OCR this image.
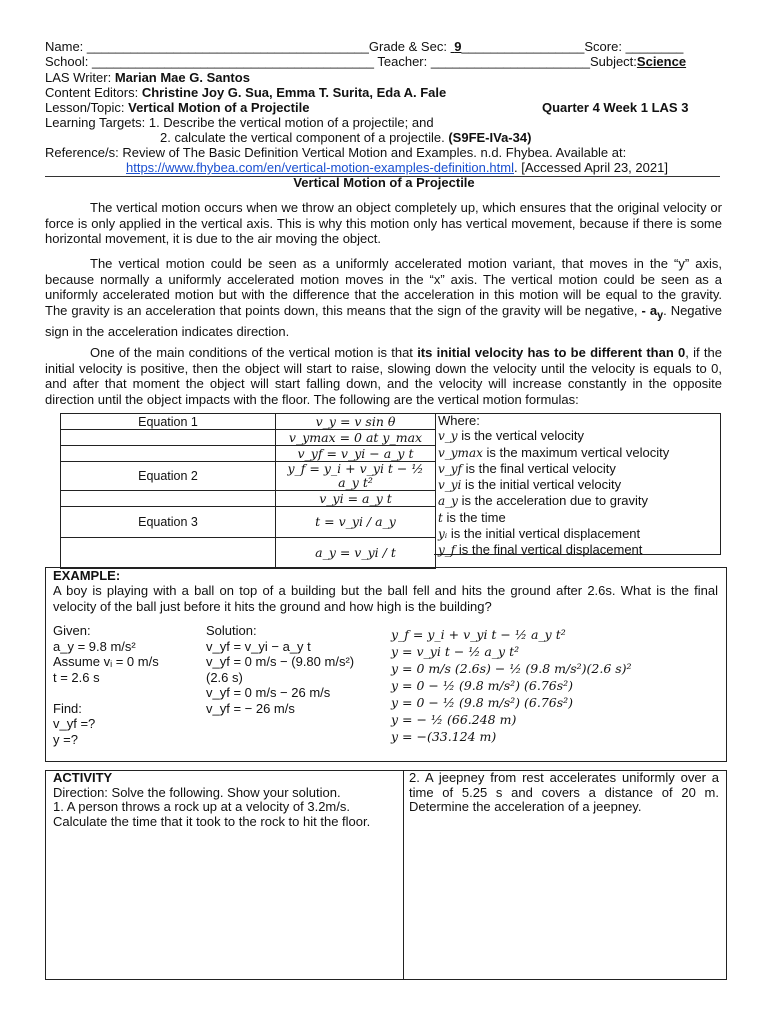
Name: _______________________________________Grade & Sec: 9_________________Score: ________
School: _______________________________________ Teacher: ______________________Subject:Science
LAS Writer: Marian Mae G. Santos
Content Editors: Christine Joy G. Sua, Emma T. Surita, Eda A. Fale
Lesson/Topic: Vertical Motion of a Projectile	Quarter 4 Week 1 LAS 3
Learning Targets: 1. Describe the vertical motion of a projectile; and
2. calculate the vertical component of a projectile. (S9FE-IVa-34)
Reference/s: Review of The Basic Definition Vertical Motion and Examples. n.d. Fhybea. Available at:
https://www.fhybea.com/en/vertical-motion-examples-definition.html. [Accessed April 23, 2021]
Vertical Motion of a Projectile
The vertical motion occurs when we throw an object completely up, which ensures that the original velocity or force is only applied in the vertical axis. This is why this motion only has vertical movement, because if there is some horizontal movement, it is due to the air moving the object.
The vertical motion could be seen as a uniformly accelerated motion variant, that moves in the “y” axis, because normally a uniformly accelerated motion moves in the “x” axis. The vertical motion could be seen as a uniformly accelerated motion but with the difference that the acceleration in this motion will be equal to the gravity. The gravity is an acceleration that points down, this means that the sign of the gravity will be negative, - $a_y$. Negative sign in the acceleration indicates direction.
One of the main conditions of the vertical motion is that its initial velocity has to be different than 0, if the initial velocity is positive, then the object will start to raise, slowing down the velocity until the velocity is equals to 0, and after that moment the object will start falling down, and the velocity will increase constantly in the opposite direction until the object impacts with the floor. The following are the vertical motion formulas:
Equation 1	v_y = v sin θ
	v_ymax = 0 at y_max
	v_yf = v_yi − a_y t
Equation 2	y_f = y_i + v_yi t − ½ a_y t²
	v_yi = a_y t
Equation 3	t = v_yi / a_y
	a_y = v_yi / t
Where:
v_y is the vertical velocity
v_ymax is the maximum vertical velocity
v_yf is the final vertical velocity
v_yi is the initial vertical velocity
a_y is the acceleration due to gravity
t is the time
yᵢ is the initial vertical displacement
y_f is the final vertical displacement
EXAMPLE:
A boy is playing with a ball on top of a building but the ball fell and hits the ground after 2.6s. What is the final velocity of the ball just before it hits the ground and how high is the building?
Given:
a_y = 9.8 m/s²
Assume vᵢ = 0 m/s
t = 2.6 s

Find:
v_yf =?
y =?
Solution:
v_yf = v_yi − a_y t
v_yf = 0 m/s − (9.80 m/s²)
(2.6 s)
v_yf = 0 m/s − 26 m/s
v_yf = − 26 m/s
y_f = y_i + v_yi t − ½ a_y t²
y = v_yi t − ½ a_y t²
y = 0 m/s (2.6s) − ½ (9.8 m/s²)(2.6 s)²
y = 0 − ½ (9.8 m/s²) (6.76s²)
y = 0 − ½ (9.8 m/s²) (6.76s²)
y = − ½ (66.248 m)
y = −(33.124 m)
ACTIVITY
Direction: Solve the following. Show your solution.
1. A person throws a rock up at a velocity of 3.2m/s. Calculate the time that it took to the rock to hit the floor.
2. A jeepney from rest accelerates uniformly over a time of 5.25 s and covers a distance of 20 m. Determine the acceleration of a jeepney.
